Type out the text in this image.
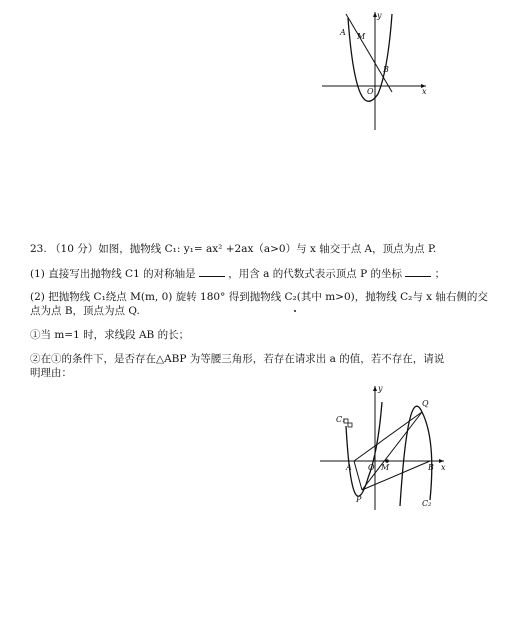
y
A M
B
O	x
23. （10 分）如图，抛物线 C₁: y₁= ax² +2ax（a>0）与 x 轴交于点 A，顶点为点 P.
(1) 直接写出抛物线 C1 的对称轴是	，用含 a 的代数式表示顶点 P 的坐标	；
(2) 把抛物线 C₁绕点 M(m, 0) 旋转 180° 得到抛物线 C₂(其中 m>0)，抛物线 C₂与 x 轴右侧的交
点为点 B，顶点为点 Q.
①当 m=1 时，求线段 AB 的长；
②在①的条件下，是否存在△ABP 为等腰三角形，若存在请求出 a 的值，若不存在，请说
明理由：
y
C₁
Q
A O M	B x
P	C₂
